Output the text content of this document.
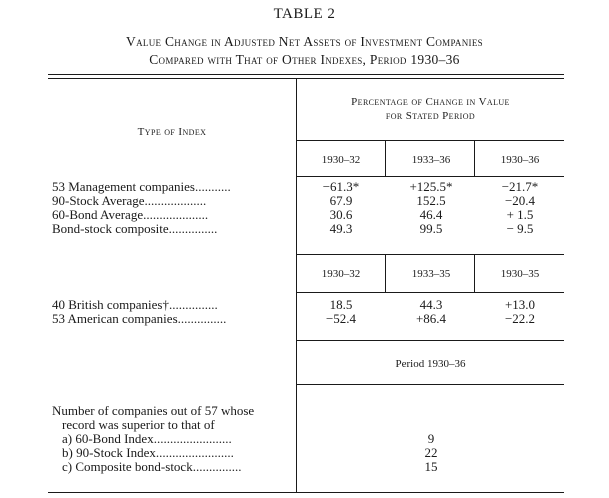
TABLE 2
Value Change in Adjusted Net Assets of Investment Companies
Compared with That of Other Indexes, Period 1930–36
Type of Index
Percentage of Change in Value
for Stated Period
1930–32	1933–36	1930–36
53 Management companies...........	−61.3*	+125.5*	−21.7*
90-Stock Average...................	67.9	152.5	−20.4
60-Bond Average....................	30.6	46.4	+ 1.5
Bond-stock composite...............	49.3	99.5	− 9.5
1930–32	1933–35	1930–35
40 British companies†...............	18.5	44.3	+13.0
53 American companies...............	−52.4	+86.4	−22.2
Period 1930–36
Number of companies out of 57 whose
record was superior to that of
a) 60-Bond Index........................	9
b) 90-Stock Index........................	22
c) Composite bond-stock...............	15
